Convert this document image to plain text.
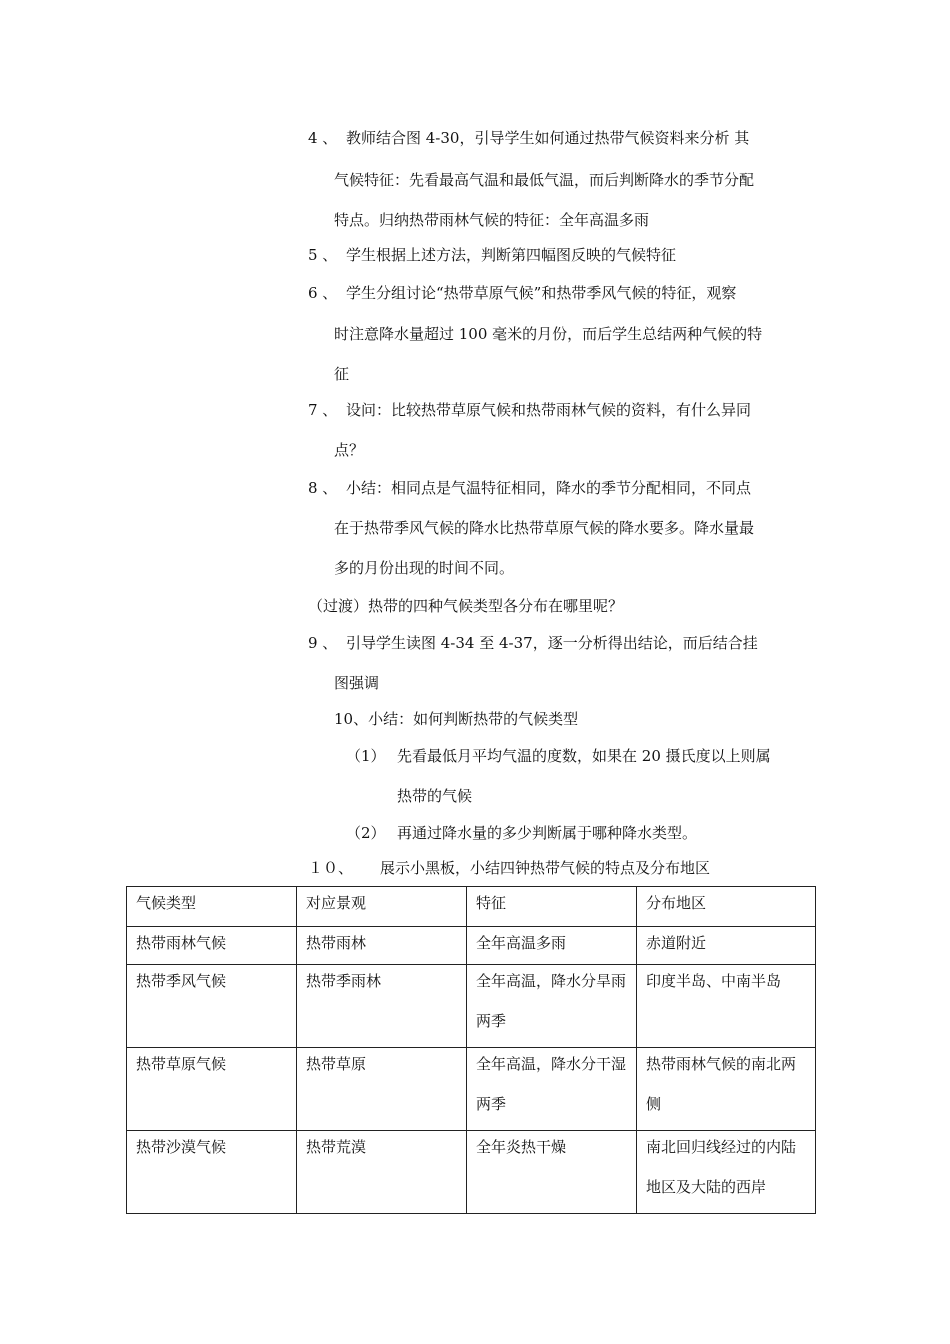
4 、 教师结合图 4-30，引导学生如何通过热带气候资料来分析 其
气候特征：先看最高气温和最低气温，而后判断降水的季节分配
特点。归纳热带雨林气候的特征：全年高温多雨
5 、 学生根据上述方法，判断第四幅图反映的气候特征
6 、 学生分组讨论“热带草原气候”和热带季风气候的特征，观察
时注意降水量超过 100 毫米的月份，而后学生总结两种气候的特
征
7 、 设问：比较热带草原气候和热带雨林气候的资料，有什么异同
点？
8 、 小结：相同点是气温特征相同，降水的季节分配相同，不同点
在于热带季风气候的降水比热带草原气候的降水要多。降水量最
多的月份出现的时间不同。
（过渡）热带的四种气候类型各分布在哪里呢？
9 、 引导学生读图 4-34 至 4-37，逐一分析得出结论，而后结合挂
图强调
10、小结：如何判断热带的气候类型
（1） 先看最低月平均气温的度数，如果在 20 摄氏度以上则属
热带的气候
（2） 再通过降水量的多少判断属于哪种降水类型。
１０、 展示小黑板，小结四钟热带气候的特点及分布地区
气候类型	对应景观	特征	分布地区
热带雨林气候	热带雨林	全年高温多雨	赤道附近

热带季风气候	热带季雨林	全年高温，降水分旱雨两季	印度半岛、中南半岛

热带草原气候	热带草原	全年高温，降水分干湿两季	热带雨林气候的南北两侧

热带沙漠气候	热带荒漠	全年炎热干燥	南北回归线经过的内陆地区及大陆的西岸
